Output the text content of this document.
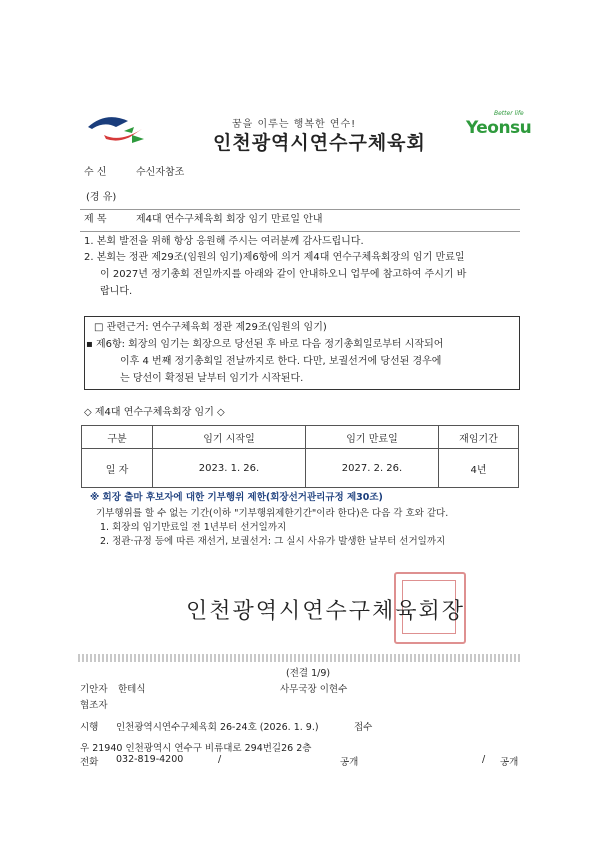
꿈을 이루는 행복한 연수!
인천광역시연수구체육회
Better life
Yeonsu
수 신	수신자참조
(경 유)
제 목	제4대 연수구체육회 회장 임기 만료일 안내
1. 본회 발전을 위해 항상 응원해 주시는 여러분께 감사드립니다.
2. 본회는 정관 제29조(임원의 임기)제6항에 의거 제4대 연수구체육회장의 임기 만료일
이 2027년 정기총회 전일까지를 아래와 같이 안내하오니 업무에 참고하여 주시기 바
랍니다.
□ 관련근거: 연수구체육회 정관 제29조(임원의 임기)
▪ 제6항: 회장의 임기는 회장으로 당선된 후 바로 다음 정기총회일로부터 시작되어
이후 4 번째 정기총회일 전날까지로 한다. 다만, 보궐선거에 당선된 경우에
는 당선이 확정된 날부터 임기가 시작된다.
◇ 제4대 연수구체육회장 임기 ◇
구분	임기 시작일	임기 만료일	재임기간
일 자	2023. 1. 26.	2027. 2. 26.	4년
※ 회장 출마 후보자에 대한 기부행위 제한(회장선거관리규정 제30조)
기부행위를 할 수 없는 기간(이하 "기부행위제한기간"이라 한다)은 다음 각 호와 같다.
1. 회장의 임기만료일 전 1년부터 선거일까지
2. 정관·규정 등에 따른 재선거, 보궐선거: 그 실시 사유가 발생한 날부터 선거일까지
인천광역시연수구체육회장
(전결 1/9)
기안자 한테식	사무국장 이현수
협조자
시행 인천광역시연수구체육회 26-24호 (2026. 1. 9.)	접수
우 21940 인천광역시 연수구 비류대로 294번길26 2층
전화 032-819-4200	/	공개	/ 공개
